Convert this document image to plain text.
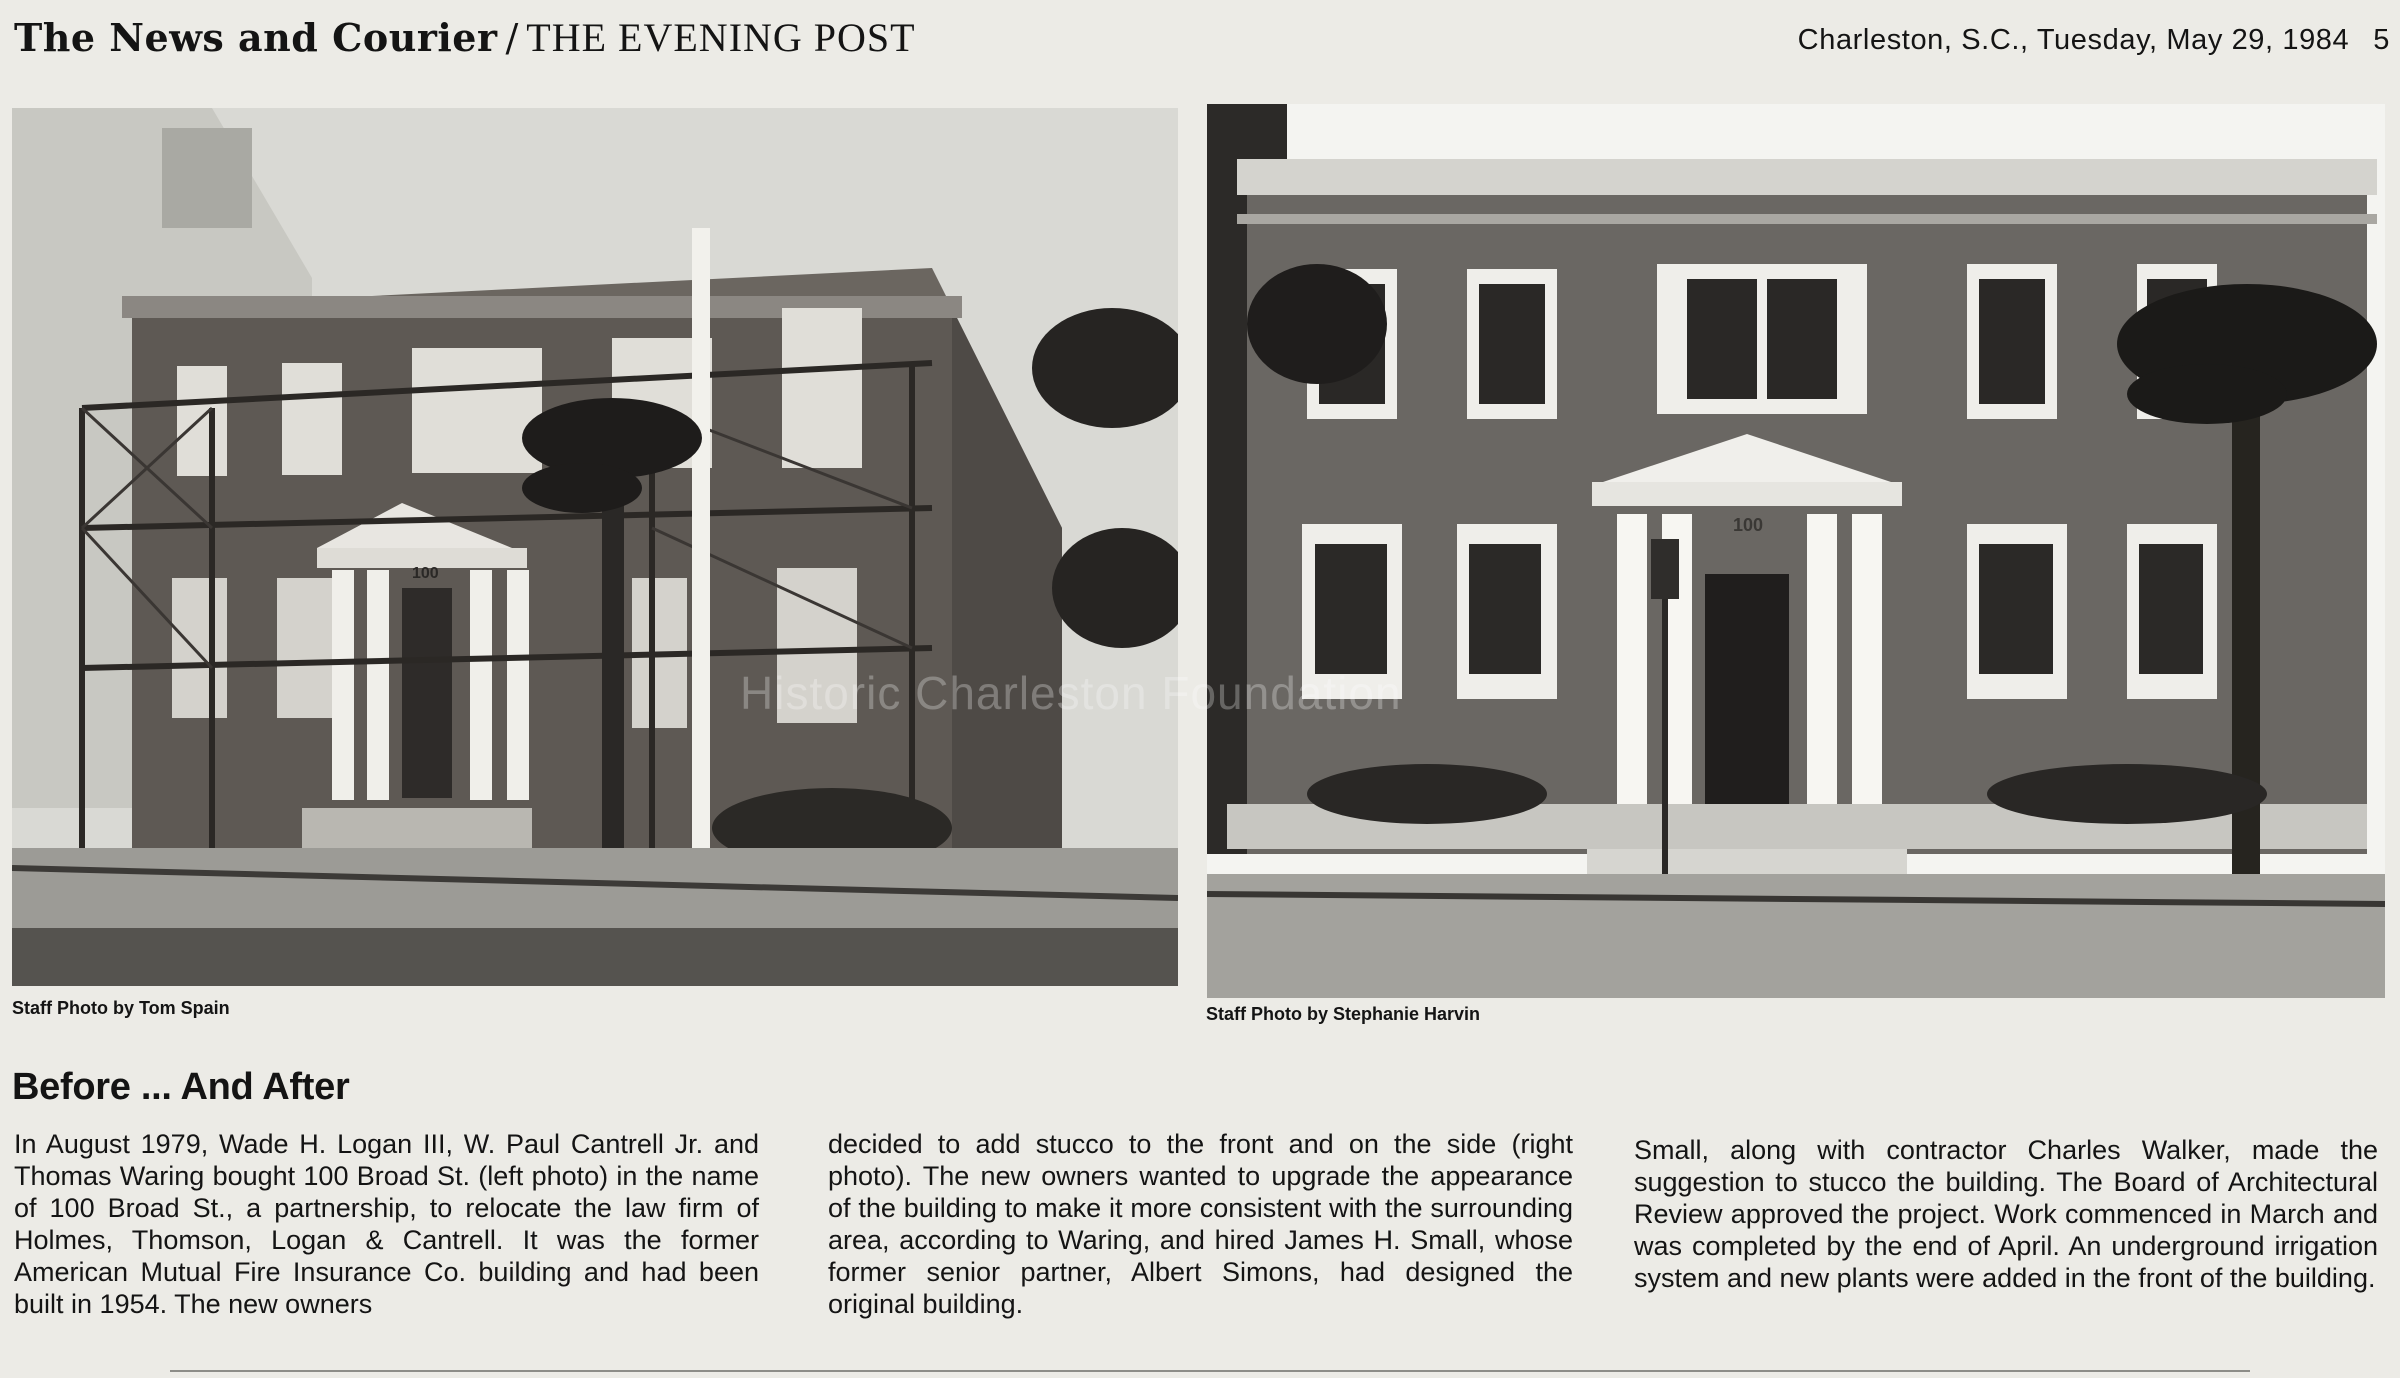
The News and Courier / THE EVENING POST	Charleston, S.C., Tuesday, May 29, 1984 5
100
100
Historic Charleston Foundation
Staff Photo by Tom Spain	Staff Photo by Stephanie Harvin
Before ... And After
In August 1979, Wade H. Logan III, W. Paul Cantrell Jr. and Thomas Waring bought 100 Broad St. (left photo) in the name of 100 Broad St., a partnership, to relocate the law firm of Holmes, Thomson, Logan & Cantrell. It was the former American Mutual Fire Insurance Co. building and had been built in 1954. The new owners
decided to add stucco to the front and on the side (right photo). The new owners wanted to upgrade the appearance of the building to make it more consistent with the surrounding area, according to Waring, and hired James H. Small, whose former senior partner, Albert Simons, had designed the original building.
Small, along with contractor Charles Walker, made the suggestion to stucco the building. The Board of Architectural Review approved the project. Work commenced in March and was completed by the end of April. An underground irrigation system and new plants were added in the front of the building.
